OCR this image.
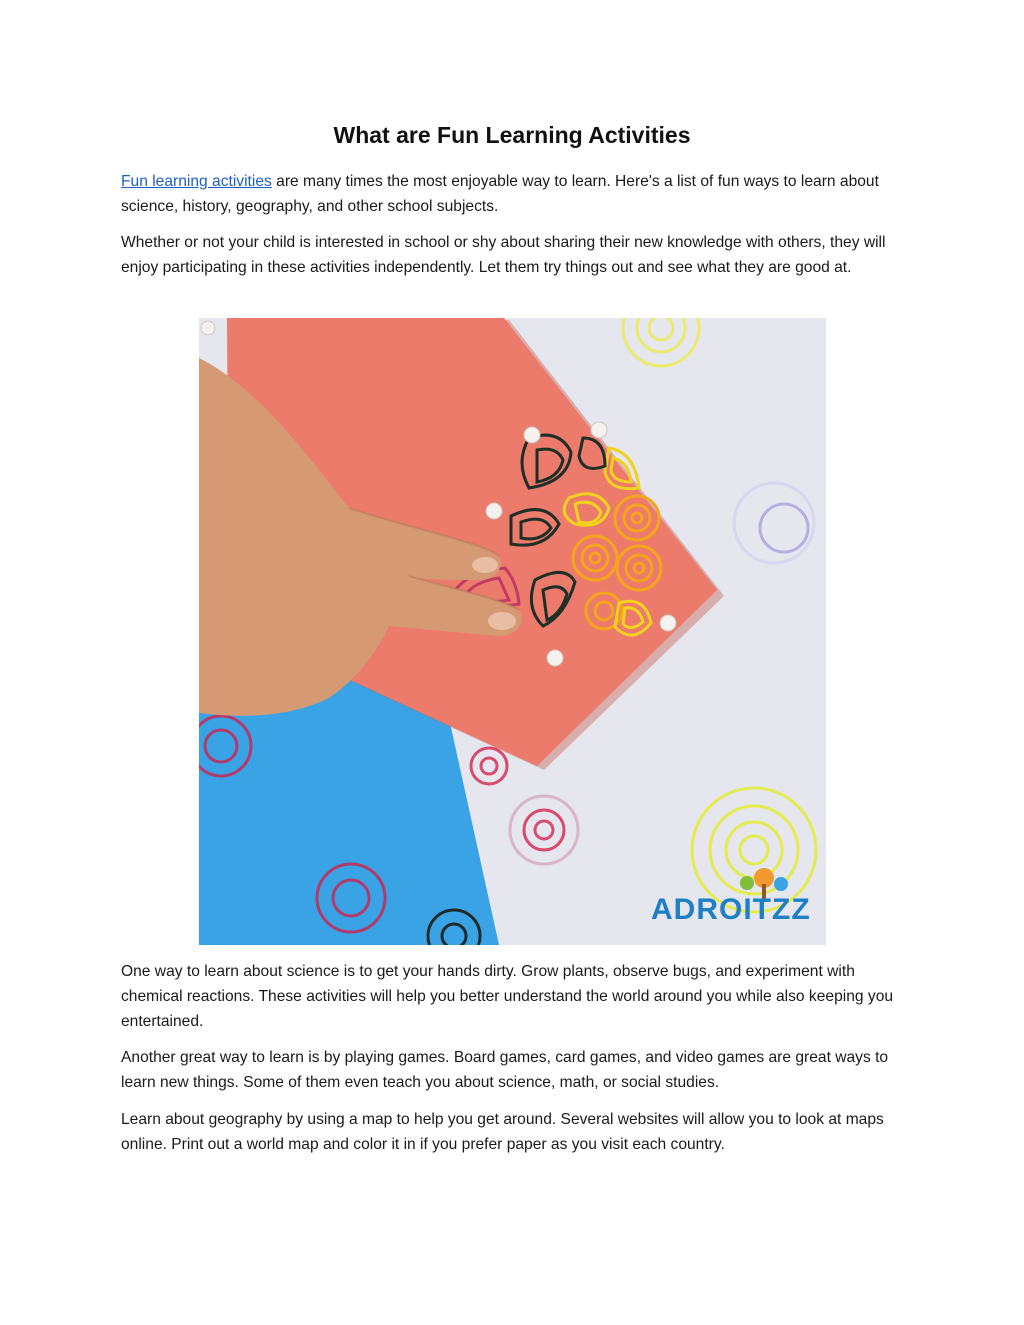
What are Fun Learning Activities

Fun learning activities are many times the most enjoyable way to learn. Here's a list of fun ways to learn about science, history, geography, and other school subjects.

Whether or not your child is interested in school or shy about sharing their new knowledge with others, they will enjoy participating in these activities independently. Let them try things out and see what they are good at.

ADROITZZ

One way to learn about science is to get your hands dirty. Grow plants, observe bugs, and experiment with chemical reactions. These activities will help you better understand the world around you while also keeping you entertained.

Another great way to learn is by playing games. Board games, card games, and video games are great ways to learn new things. Some of them even teach you about science, math, or social studies.

Learn about geography by using a map to help you get around. Several websites will allow you to look at maps online. Print out a world map and color it in if you prefer paper as you visit each country.
